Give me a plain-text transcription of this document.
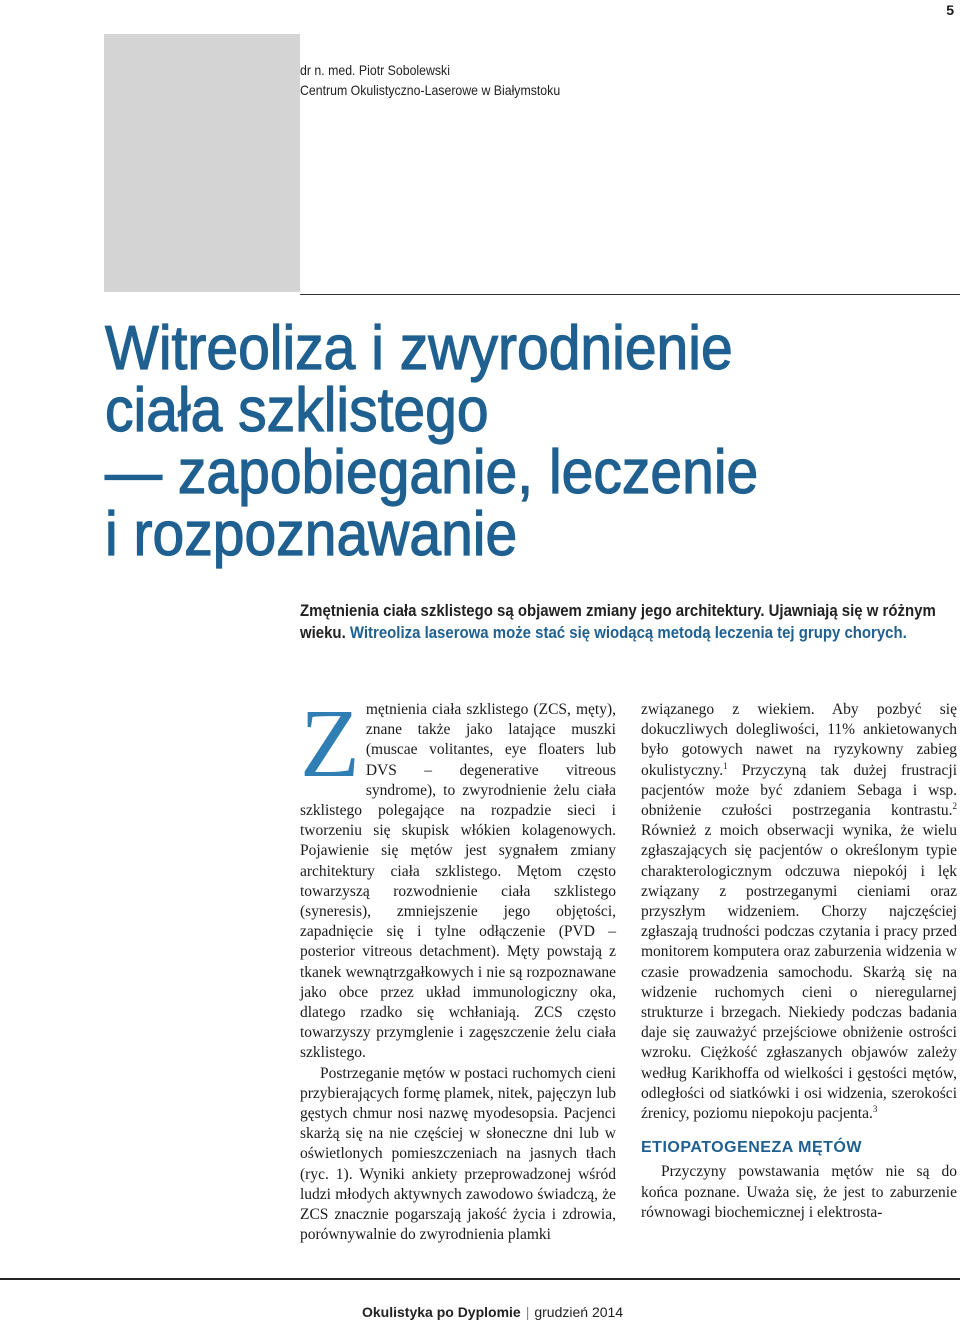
5
dr n. med. Piotr Sobolewski
Centrum Okulistyczno-Laserowe w Białymstoku
Witreoliza i zwyrodnienie
ciała szklistego
— zapobieganie, leczenie
i rozpoznawanie
Zmętnienia ciała szklistego są objawem zmiany jego architektury. Ujawniają się w różnym wieku. Witreoliza laserowa może stać się wiodącą metodą leczenia tej grupy chorych.

Zmętnienia ciała szklistego (ZCS, męty), znane także jako latające muszki (muscae volitantes, eye floaters lub DVS – degenerative vitreous syndrome), to zwyrodnienie żelu ciała szklistego polegające na rozpadzie sieci i tworzeniu się skupisk włókien kolagenowych. Pojawienie się mętów jest sygnałem zmiany architektury ciała szklistego. Mętom często towarzyszą rozwodnienie ciała szklistego (syneresis), zmniejszenie jego objętości, zapadnięcie się i tylne odłączenie (PVD – posterior vitreous detachment). Męty powstają z tkanek wewnątrzgałkowych i nie są rozpoznawane jako obce przez układ immunologiczny oka, dlatego rzadko się wchłaniają. ZCS często towarzyszy przymglenie i zagęszczenie żelu ciała szklistego.

Postrzeganie mętów w postaci ruchomych cieni przybierających formę plamek, nitek, pajęczyn lub gęstych chmur nosi nazwę myodesopsia. Pacjenci skarżą się na nie częściej w słoneczne dni lub w oświetlonych pomieszczeniach na jasnych tłach (ryc. 1). Wyniki ankiety przeprowadzonej wśród ludzi młodych aktywnych zawodowo świadczą, że ZCS znacznie pogarszają jakość życia i zdrowia, porównywalnie do zwyrodnienia plamki

związanego z wiekiem. Aby pozbyć się dokuczliwych dolegliwości, 11% ankietowanych było gotowych nawet na ryzykowny zabieg okulistyczny.$^1$ Przyczyną tak dużej frustracji pacjentów może być zdaniem Sebaga i wsp. obniżenie czułości postrzegania kontrastu.$^2$ Również z moich obserwacji wynika, że wielu zgłaszających się pacjentów o określonym typie charakterologicznym odczuwa niepokój i lęk związany z postrzeganymi cieniami oraz przyszłym widzeniem. Chorzy najczęściej zgłaszają trudności podczas czytania i pracy przed monitorem komputera oraz zaburzenia widzenia w czasie prowadzenia samochodu. Skarżą się na widzenie ruchomych cieni o nieregularnej strukturze i brzegach. Niekiedy podczas badania daje się zauważyć przejściowe obniżenie ostrości wzroku. Ciężkość zgłaszanych objawów zależy według Karikhoffa od wielkości i gęstości mętów, odległości od siatkówki i osi widzenia, szerokości źrenicy, poziomu niepokoju pacjenta.$^3$

ETIOPATOGENEZA MĘTÓW

Przyczyny powstawania mętów nie są do końca poznane. Uważa się, że jest to zaburzenie równowagi biochemicznej i elektrosta-

Okulistyka po Dyplomie | grudzień 2014
